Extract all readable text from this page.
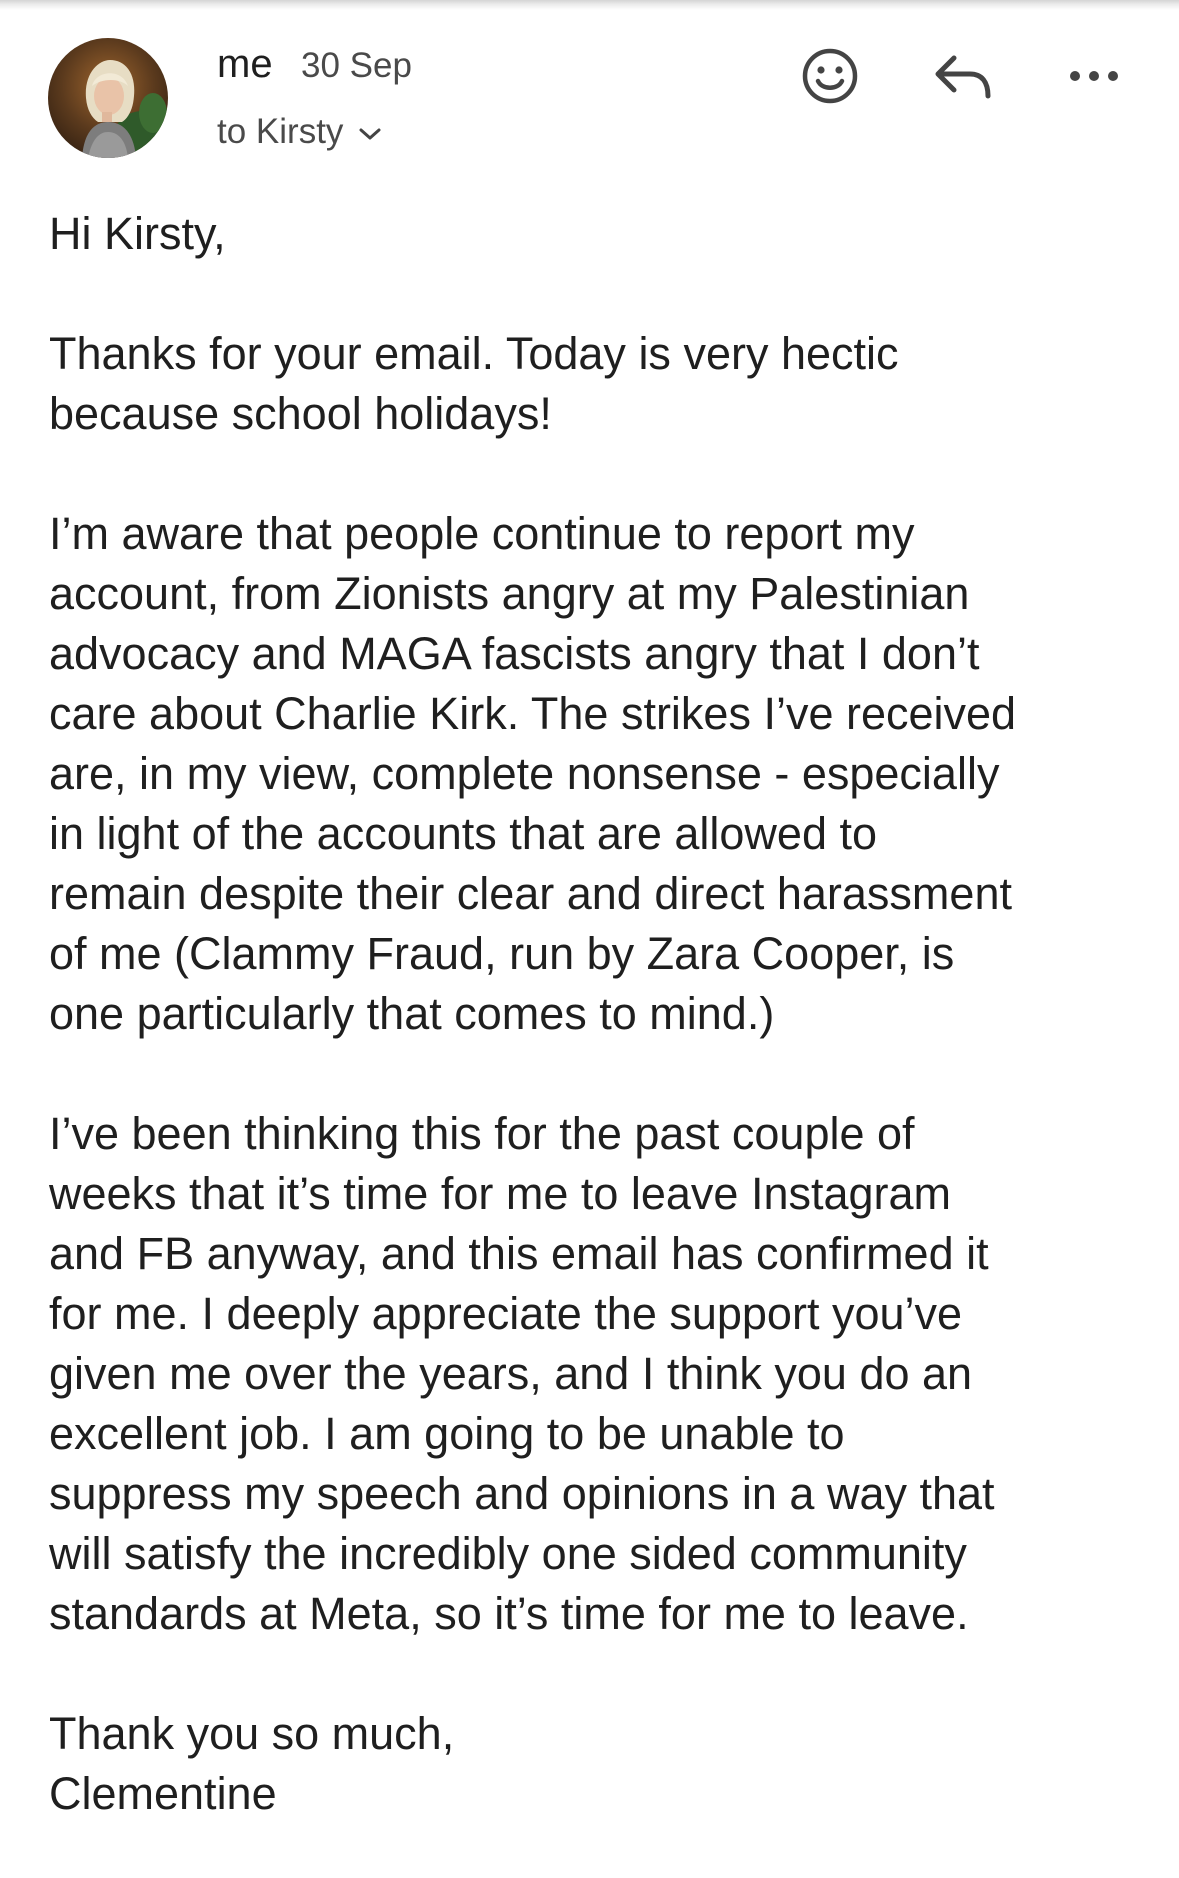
me 30 Sep
to Kirsty

Hi Kirsty,

Thanks for your email. Today is very hectic
because school holidays!

I’m aware that people continue to report my
account, from Zionists angry at my Palestinian
advocacy and MAGA fascists angry that I don’t
care about Charlie Kirk. The strikes I’ve received
are, in my view, complete nonsense - especially
in light of the accounts that are allowed to
remain despite their clear and direct harassment
of me (Clammy Fraud, run by Zara Cooper, is
one particularly that comes to mind.)

I’ve been thinking this for the past couple of
weeks that it’s time for me to leave Instagram
and FB anyway, and this email has confirmed it
for me. I deeply appreciate the support you’ve
given me over the years, and I think you do an
excellent job. I am going to be unable to
suppress my speech and opinions in a way that
will satisfy the incredibly one sided community
standards at Meta, so it’s time for me to leave.

Thank you so much,
Clementine
